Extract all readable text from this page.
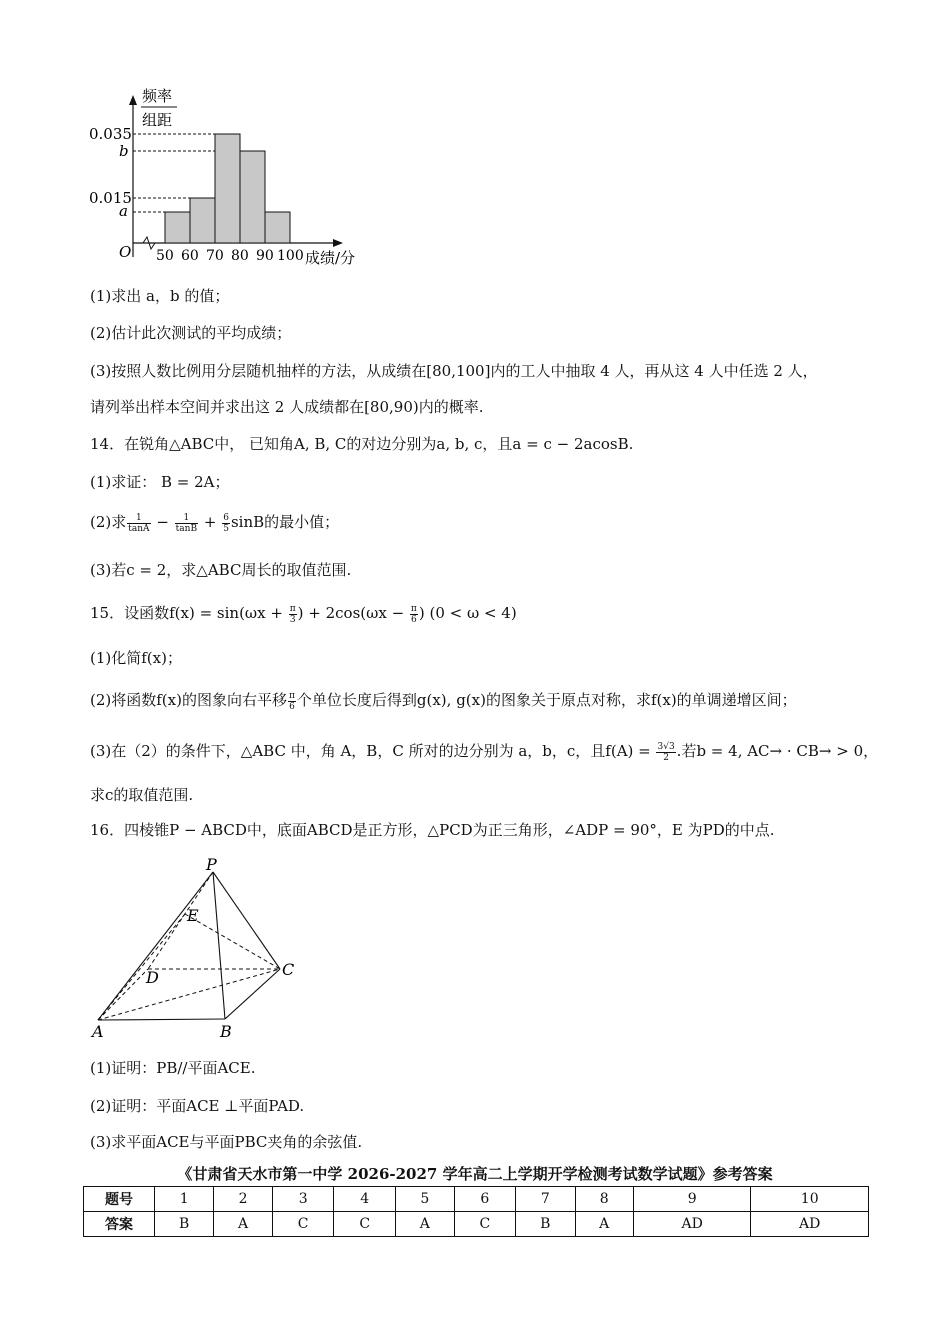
频率
组距
0.035
b
0.015
a
O 50 60 70 80 90 100 成绩/分
(1)求出 a，b 的值；
(2)估计此次测试的平均成绩；
(3)按照人数比例用分层随机抽样的方法，从成绩在[80,100]内的工人中抽取 4 人，再从这 4 人中任选 2 人，
请列举出样本空间并求出这 2 人成绩都在[80,90)内的概率.
14．在锐角△ABC中， 已知角A, B, C的对边分别为a, b, c，且a = c − 2acosB.
(1)求证： B = 2A；
(2)求 $\frac{1}{\tan A} - \frac{1}{\tan B} + \frac{6}{5}$ sinB的最小值；
(3)若c = 2，求△ABC周长的取值范围.
15．设函数$f(x) = \sin(\omega x + \frac{\pi}{3}$ ) + $2\cos(\omega x - \frac{\pi}{6}$ ) (0 < ω < 4)
(1)化简f(x)；
(2)将函数f(x)的图象向右平移 $\frac{\pi}{6}$ 个单位长度后得到g(x), g(x)的图象关于原点对称，求f(x)的单调递增区间；
(3)在（2）的条件下，△ABC 中，角 A，B，C 所对的边分别为 a，b，c，且$f(A) = \frac{3√3}{2}$ .若b = 4, AC→ · CB→ > 0，
求c的取值范围.
16．四棱锥P − ABCD中，底面ABCD是正方形，△PCD为正三角形，∠ADP = 90°，E 为PD的中点.
P
E
D	C
A	B
(1)证明：PB//平面ACE.
(2)证明：平面ACE ⊥平面PAD.
(3)求平面ACE与平面PBC夹角的余弦值.
《甘肃省天水市第一中学 2026-2027 学年高二上学期开学检测考试数学试题》参考答案
题号	1	2	3	4	5	6	7	8	9	10
答案	B	A	C	C	A	C	B	A	AD	AD
